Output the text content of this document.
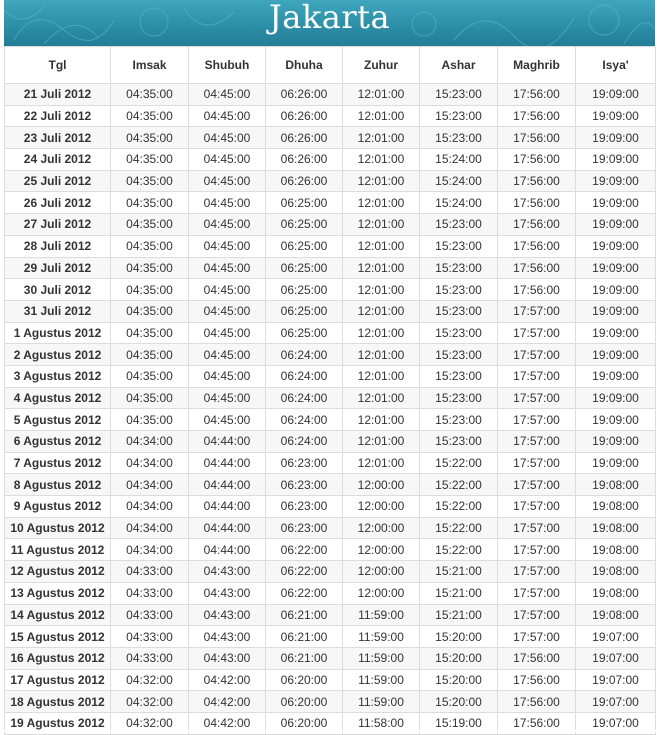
Jakarta
Tgl	Imsak	Shubuh	Dhuha	Zuhur	Ashar	Maghrib	Isya'
21 Juli 2012	04:35:00	04:45:00	06:26:00	12:01:00	15:23:00	17:56:00	19:09:00
22 Juli 2012	04:35:00	04:45:00	06:26:00	12:01:00	15:23:00	17:56:00	19:09:00
23 Juli 2012	04:35:00	04:45:00	06:26:00	12:01:00	15:23:00	17:56:00	19:09:00
24 Juli 2012	04:35:00	04:45:00	06:26:00	12:01:00	15:24:00	17:56:00	19:09:00
25 Juli 2012	04:35:00	04:45:00	06:26:00	12:01:00	15:24:00	17:56:00	19:09:00
26 Juli 2012	04:35:00	04:45:00	06:25:00	12:01:00	15:24:00	17:56:00	19:09:00
27 Juli 2012	04:35:00	04:45:00	06:25:00	12:01:00	15:23:00	17:56:00	19:09:00
28 Juli 2012	04:35:00	04:45:00	06:25:00	12:01:00	15:23:00	17:56:00	19:09:00
29 Juli 2012	04:35:00	04:45:00	06:25:00	12:01:00	15:23:00	17:56:00	19:09:00
30 Juli 2012	04:35:00	04:45:00	06:25:00	12:01:00	15:23:00	17:56:00	19:09:00
31 Juli 2012	04:35:00	04:45:00	06:25:00	12:01:00	15:23:00	17:57:00	19:09:00
1 Agustus 2012	04:35:00	04:45:00	06:25:00	12:01:00	15:23:00	17:57:00	19:09:00
2 Agustus 2012	04:35:00	04:45:00	06:24:00	12:01:00	15:23:00	17:57:00	19:09:00
3 Agustus 2012	04:35:00	04:45:00	06:24:00	12:01:00	15:23:00	17:57:00	19:09:00
4 Agustus 2012	04:35:00	04:45:00	06:24:00	12:01:00	15:23:00	17:57:00	19:09:00
5 Agustus 2012	04:35:00	04:45:00	06:24:00	12:01:00	15:23:00	17:57:00	19:09:00
6 Agustus 2012	04:34:00	04:44:00	06:24:00	12:01:00	15:23:00	17:57:00	19:09:00
7 Agustus 2012	04:34:00	04:44:00	06:23:00	12:01:00	15:22:00	17:57:00	19:09:00
8 Agustus 2012	04:34:00	04:44:00	06:23:00	12:00:00	15:22:00	17:57:00	19:08:00
9 Agustus 2012	04:34:00	04:44:00	06:23:00	12:00:00	15:22:00	17:57:00	19:08:00
10 Agustus 2012	04:34:00	04:44:00	06:23:00	12:00:00	15:22:00	17:57:00	19:08:00
11 Agustus 2012	04:34:00	04:44:00	06:22:00	12:00:00	15:22:00	17:57:00	19:08:00
12 Agustus 2012	04:33:00	04:43:00	06:22:00	12:00:00	15:21:00	17:57:00	19:08:00
13 Agustus 2012	04:33:00	04:43:00	06:22:00	12:00:00	15:21:00	17:57:00	19:08:00
14 Agustus 2012	04:33:00	04:43:00	06:21:00	11:59:00	15:21:00	17:57:00	19:08:00
15 Agustus 2012	04:33:00	04:43:00	06:21:00	11:59:00	15:20:00	17:57:00	19:07:00
16 Agustus 2012	04:33:00	04:43:00	06:21:00	11:59:00	15:20:00	17:56:00	19:07:00
17 Agustus 2012	04:32:00	04:42:00	06:20:00	11:59:00	15:20:00	17:56:00	19:07:00
18 Agustus 2012	04:32:00	04:42:00	06:20:00	11:59:00	15:20:00	17:56:00	19:07:00
19 Agustus 2012	04:32:00	04:42:00	06:20:00	11:58:00	15:19:00	17:56:00	19:07:00
